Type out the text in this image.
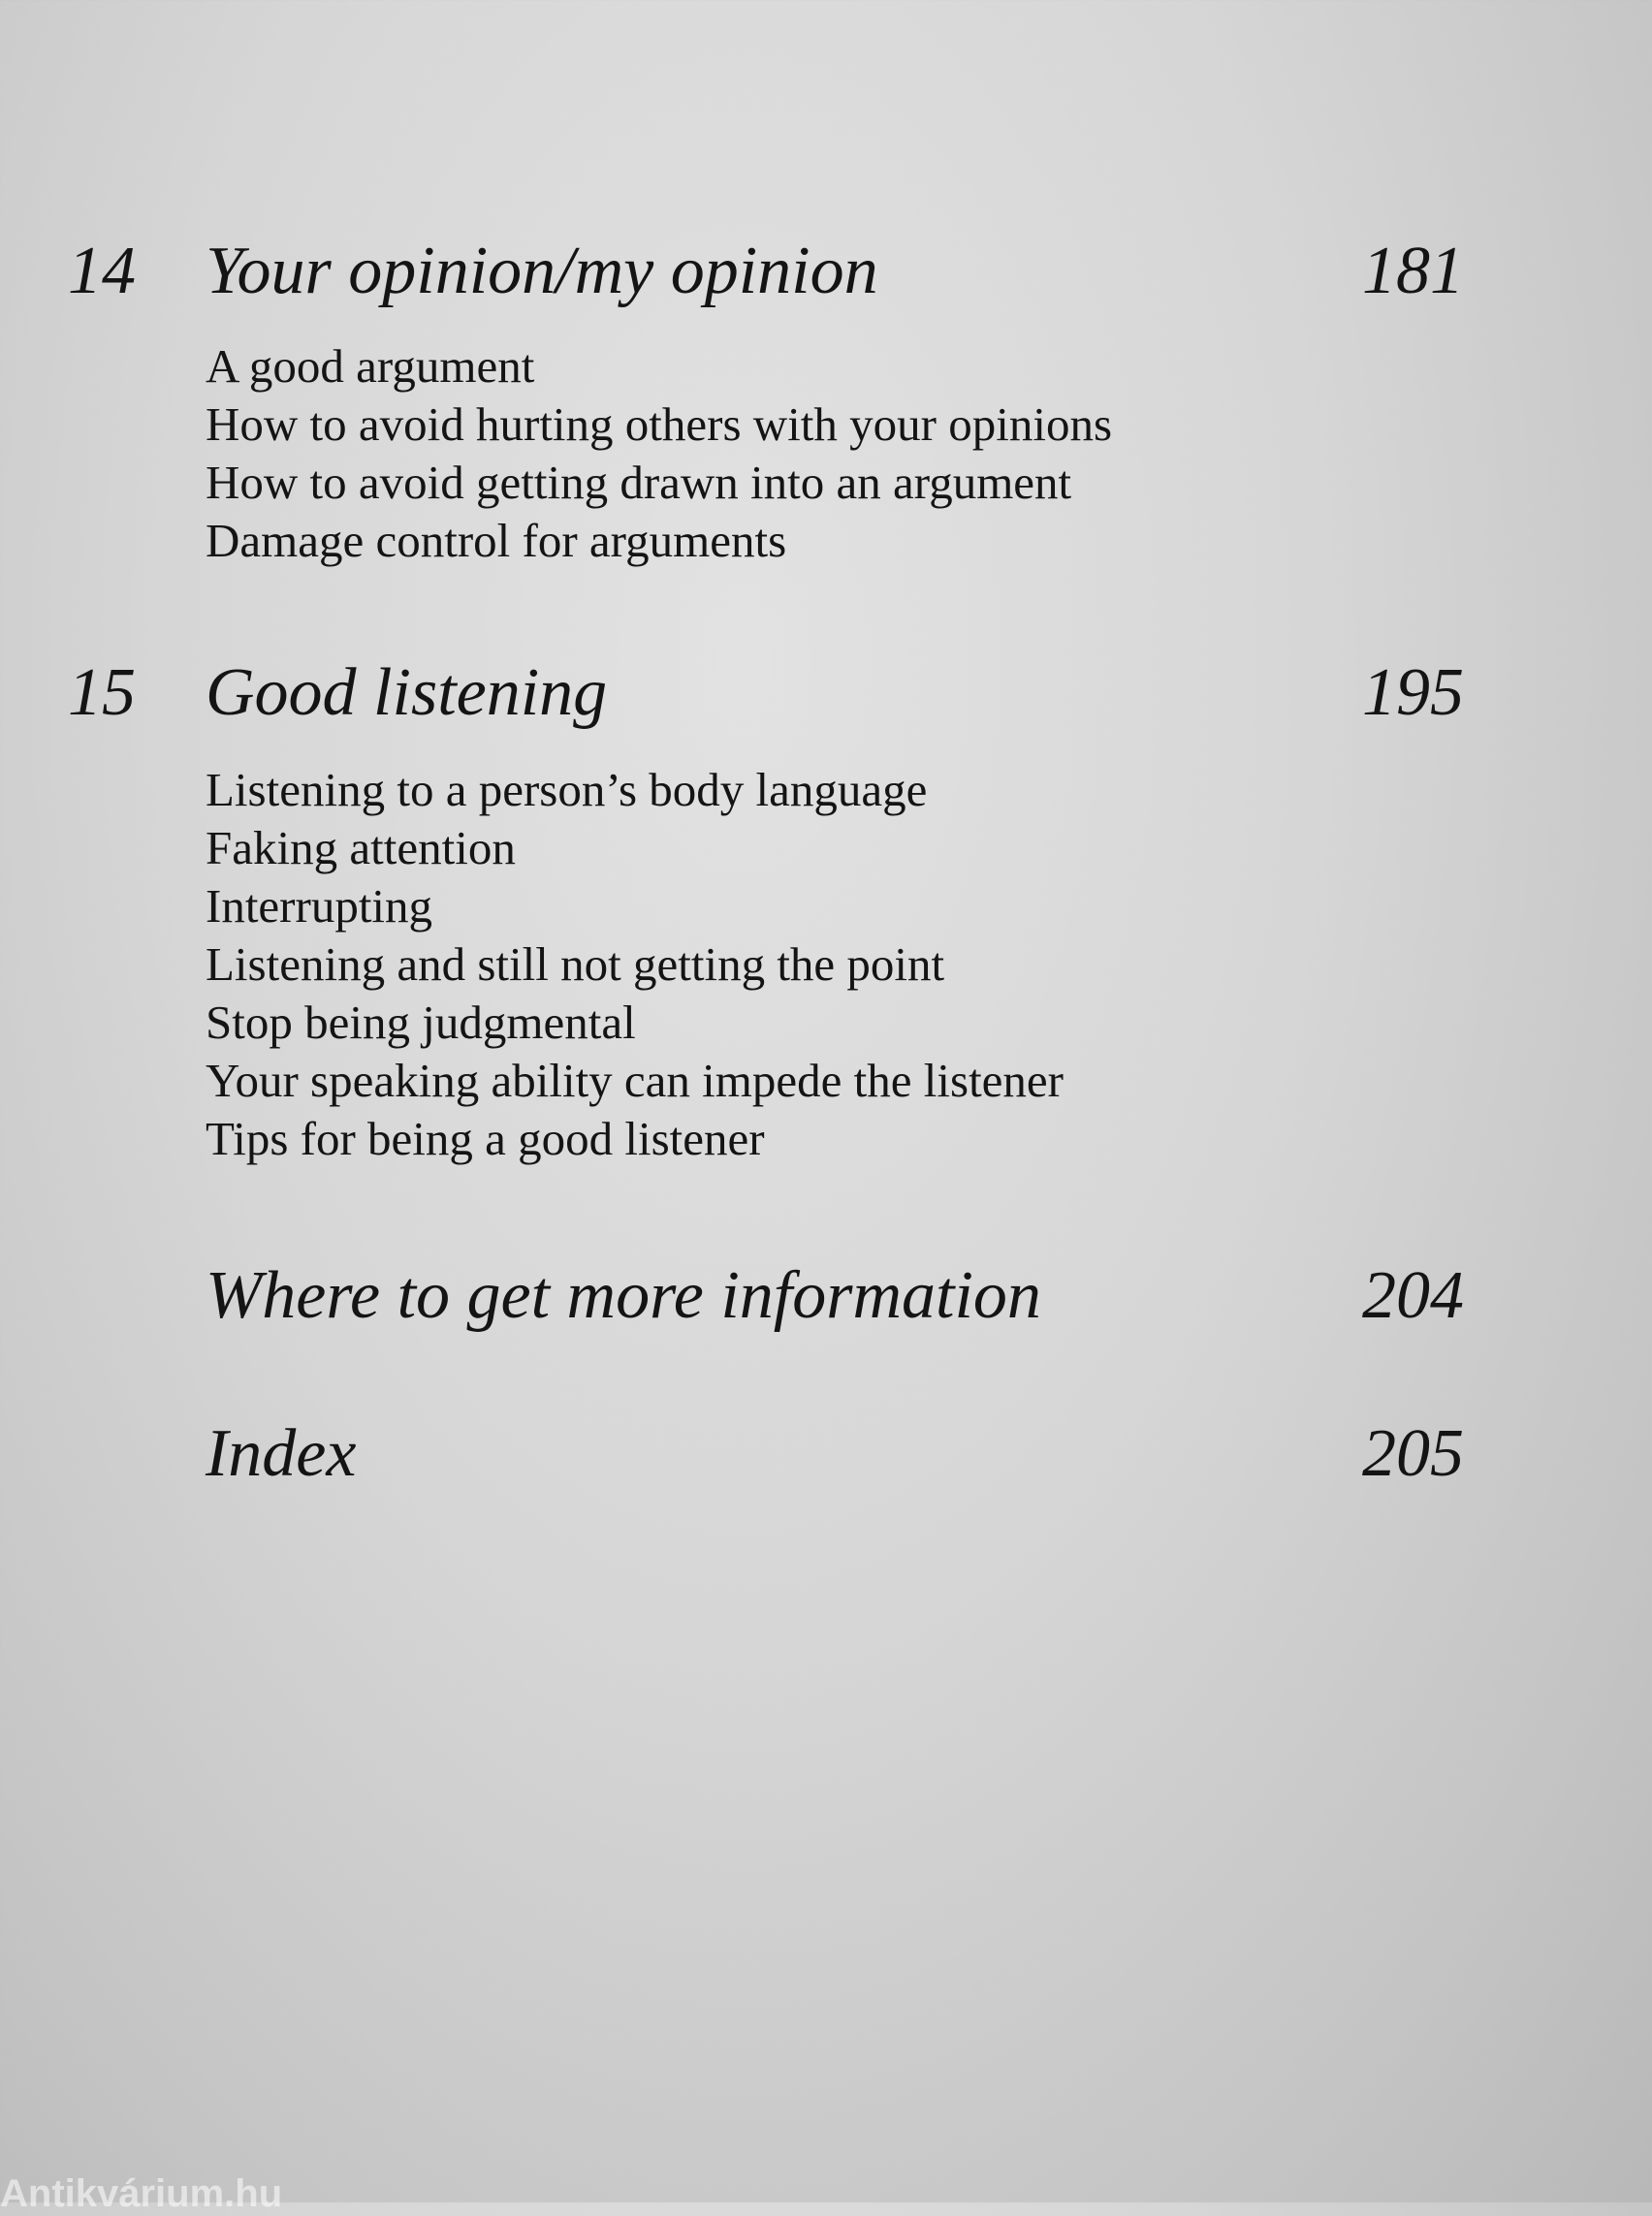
14 Your opinion/my opinion	181
A good argument
How to avoid hurting others with your opinions
How to avoid getting drawn into an argument
Damage control for arguments
15 Good listening	195
Listening to a person’s body language
Faking attention
Interrupting
Listening and still not getting the point
Stop being judgmental
Your speaking ability can impede the listener
Tips for being a good listener
Where to get more information	204
Index	205
Antikvárium.hu
